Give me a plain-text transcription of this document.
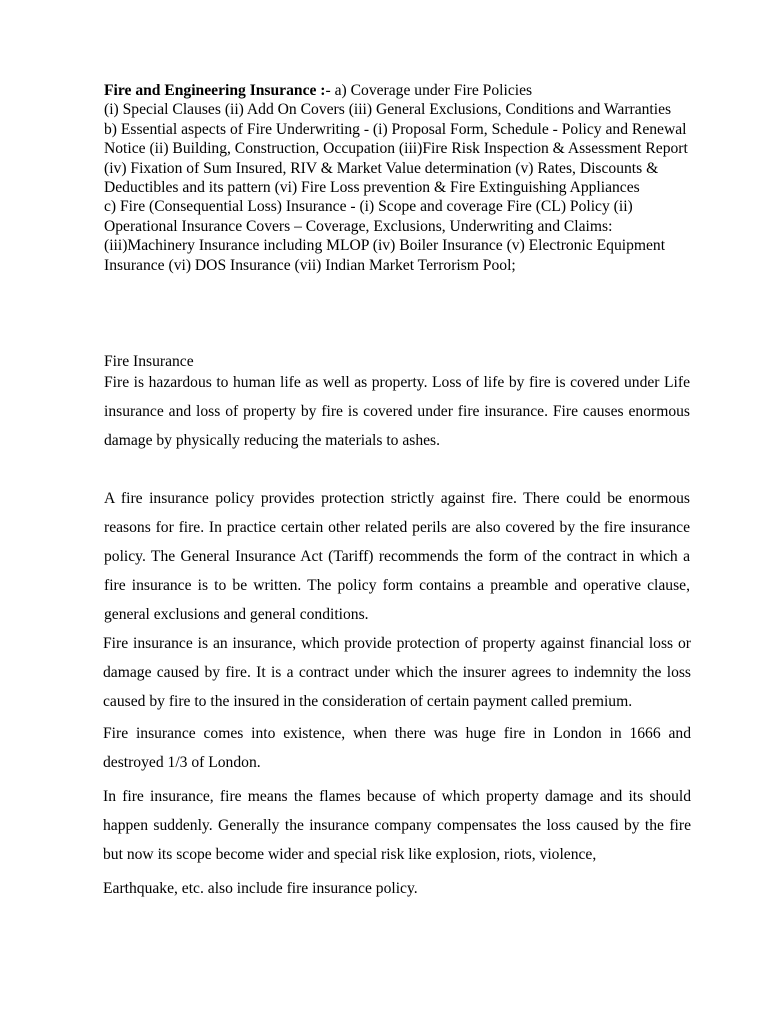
Fire and Engineering Insurance :- a) Coverage under Fire Policies

(i) Special Clauses (ii) Add On Covers (iii) General Exclusions, Conditions and Warranties

b) Essential aspects of Fire Underwriting - (i) Proposal Form, Schedule - Policy and Renewal Notice (ii) Building, Construction, Occupation (iii)Fire Risk Inspection & Assessment Report (iv) Fixation of Sum Insured, RIV & Market Value determination (v) Rates, Discounts & Deductibles and its pattern (vi) Fire Loss prevention & Fire Extinguishing Appliances

c) Fire (Consequential Loss) Insurance - (i) Scope and coverage Fire (CL) Policy (ii) Operational Insurance Covers – Coverage, Exclusions, Underwriting and Claims: (iii)Machinery Insurance including MLOP (iv) Boiler Insurance (v) Electronic Equipment Insurance (vi) DOS Insurance (vii) Indian Market Terrorism Pool;

Fire Insurance

Fire is hazardous to human life as well as property. Loss of life by fire is covered under Life insurance and loss of property by fire is covered under fire insurance. Fire causes enormous damage by physically reducing the materials to ashes.

A fire insurance policy provides protection strictly against fire. There could be enormous reasons for fire. In practice certain other related perils are also covered by the fire insurance policy. The General Insurance Act (Tariff) recommends the form of the contract in which a fire insurance is to be written. The policy form contains a preamble and operative clause, general exclusions and general conditions.

Fire insurance is an insurance, which provide protection of property against financial loss or damage caused by fire. It is a contract under which the insurer agrees to indemnity the loss caused by fire to the insured in the consideration of certain payment called premium.

Fire insurance comes into existence, when there was huge fire in London in 1666 and destroyed 1/3 of London.

In fire insurance, fire means the flames because of which property damage and its should happen suddenly. Generally the insurance company compensates the loss caused by the fire but now its scope become wider and special risk like explosion, riots, violence,
Earthquake, etc. also include fire insurance policy.
